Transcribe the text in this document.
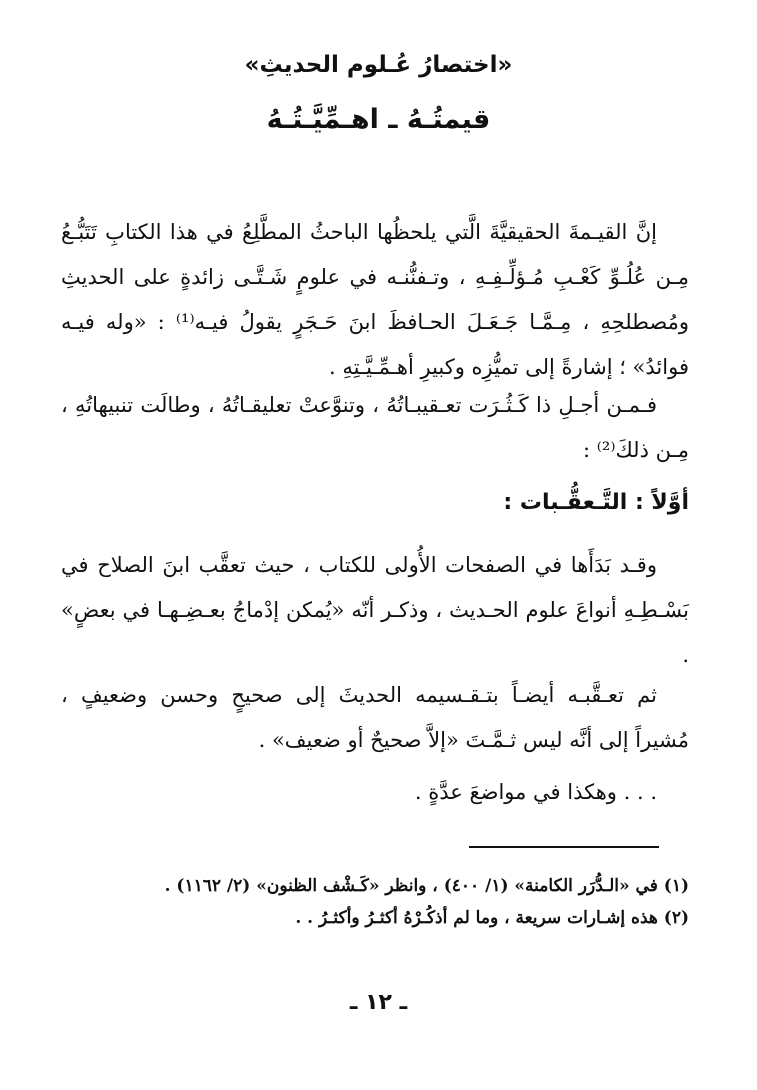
«اختصارُ عُـلوم الحديثِ»
قيمتُـهُ ـ اهـمِّيَّـتُـهُ

إنَّ القيـمةَ الحقيقيَّةَ الَّتي يلحظُها الباحثُ المطَّلِعُ في هذا الكتابِ تَتَبُّـعُ مِـن عُلُـوِّ كَعْـبِ مُـؤلِّـفِـهِ ، وتـفنُّنـه في علومٍ شَـتَّـى زائدةٍ على الحديثِ ومُصطلحِهِ ، مِـمَّـا جَـعَـلَ الحـافظَ ابنَ حَـجَرٍ يقولُ فيـه⁽¹⁾ : «وله فيـه فوائدُ» ؛ إشارةً إلى تميُّزِه وكبيرِ أهـمِّـيَّـتِهِ .

فـمـن أجـلِ ذا كَـثُـرَت تعـقيبـاتُهُ ، وتنوَّعتْ تعليقـاتُهُ ، وطالَت تنبيهاتُهِ ، مِـن ذلكَ⁽²⁾ :

أوَّلاً : التَّـعقُّـبات :

وقـد بَدَأَها في الصفحات الأُولى للكتاب ، حيث تعقَّب ابنَ الصلاح في بَسْـطِـهِ أنواعَ علوم الحـديث ، وذكـر أنّه «يُمكن إدْماجُ بعـضِـهـا في بعضٍ» .

ثم تعـقَّبـه أيضـاً بتـقـسيمه الحديثَ إلى صحيحٍ وحسن وضعيفٍ ، مُشيراً إلى أنَّه ليس ثـمَّـتَ «إلاَّ صحيحٌ أو ضعيف» .

. . . وهكذا في مواضعَ عدَّةٍ .

(١) في «الـدُّرَر الكامنة» (١/ ٤٠٠) ، وانظر «كَـشْف الظنون» (٢/ ١١٦٢) .
(٢) هذه إشـارات سريعة ، وما لم أذكُـرْهُ أكثـرُ وأكثـرُ . .
ـ ١٢ ـ
